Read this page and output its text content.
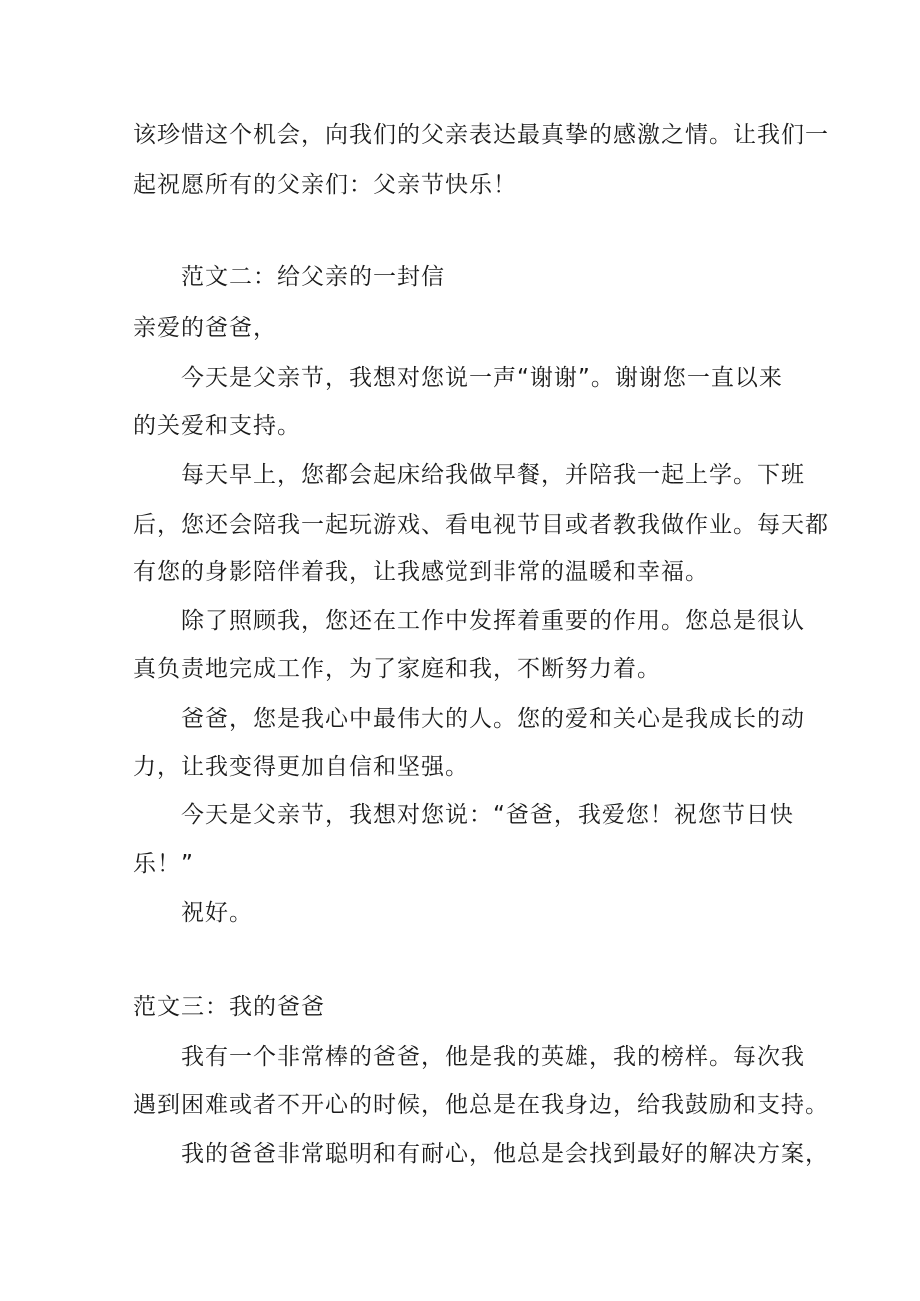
该珍惜这个机会，向我们的父亲表达最真挚的感激之情。让我们一
起祝愿所有的父亲们：父亲节快乐！
范文二：给父亲的一封信
亲爱的爸爸，
今天是父亲节，我想对您说一声“谢谢”。谢谢您一直以来
的关爱和支持。
每天早上，您都会起床给我做早餐，并陪我一起上学。下班
后，您还会陪我一起玩游戏、看电视节目或者教我做作业。每天都
有您的身影陪伴着我，让我感觉到非常的温暖和幸福。
除了照顾我，您还在工作中发挥着重要的作用。您总是很认
真负责地完成工作，为了家庭和我，不断努力着。
爸爸，您是我心中最伟大的人。您的爱和关心是我成长的动
力，让我变得更加自信和坚强。
今天是父亲节，我想对您说：“爸爸，我爱您！祝您节日快
乐！”
祝好。
范文三：我的爸爸
我有一个非常棒的爸爸，他是我的英雄，我的榜样。每次我
遇到困难或者不开心的时候，他总是在我身边，给我鼓励和支持。
我的爸爸非常聪明和有耐心，他总是会找到最好的解决方案，
